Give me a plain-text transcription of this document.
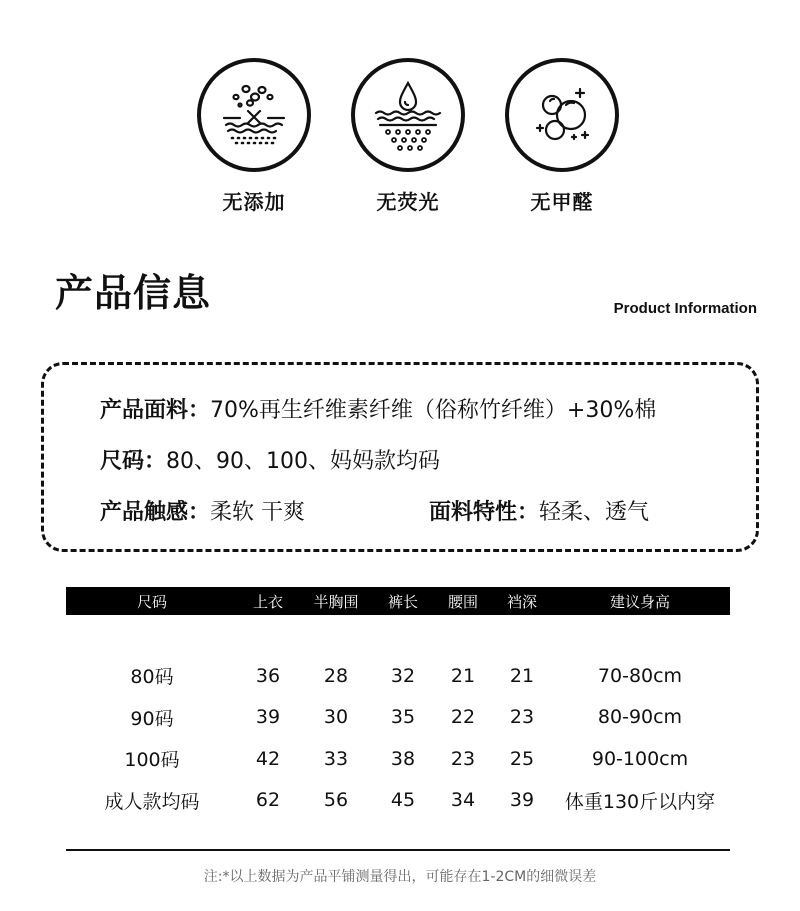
无添加	无荧光	无甲醛
产品信息	Product Information
产品面料：70%再生纤维素纤维（俗称竹纤维）+30%棉
尺码：80、90、100、妈妈款均码
产品触感：柔软 干爽	面料特性：轻柔、透气
尺码	上衣	半胸围	裤长	腰围	裆深	建议身高

80码	36	28	32	21	21	70-80cm
90码	39	30	35	22	23	80-90cm
100码	42	33	38	23	25	90-100cm
成人款均码	62	56	45	34	39	体重130斤以内穿
注:*以上数据为产品平铺测量得出，可能存在1-2CM的细微误差
